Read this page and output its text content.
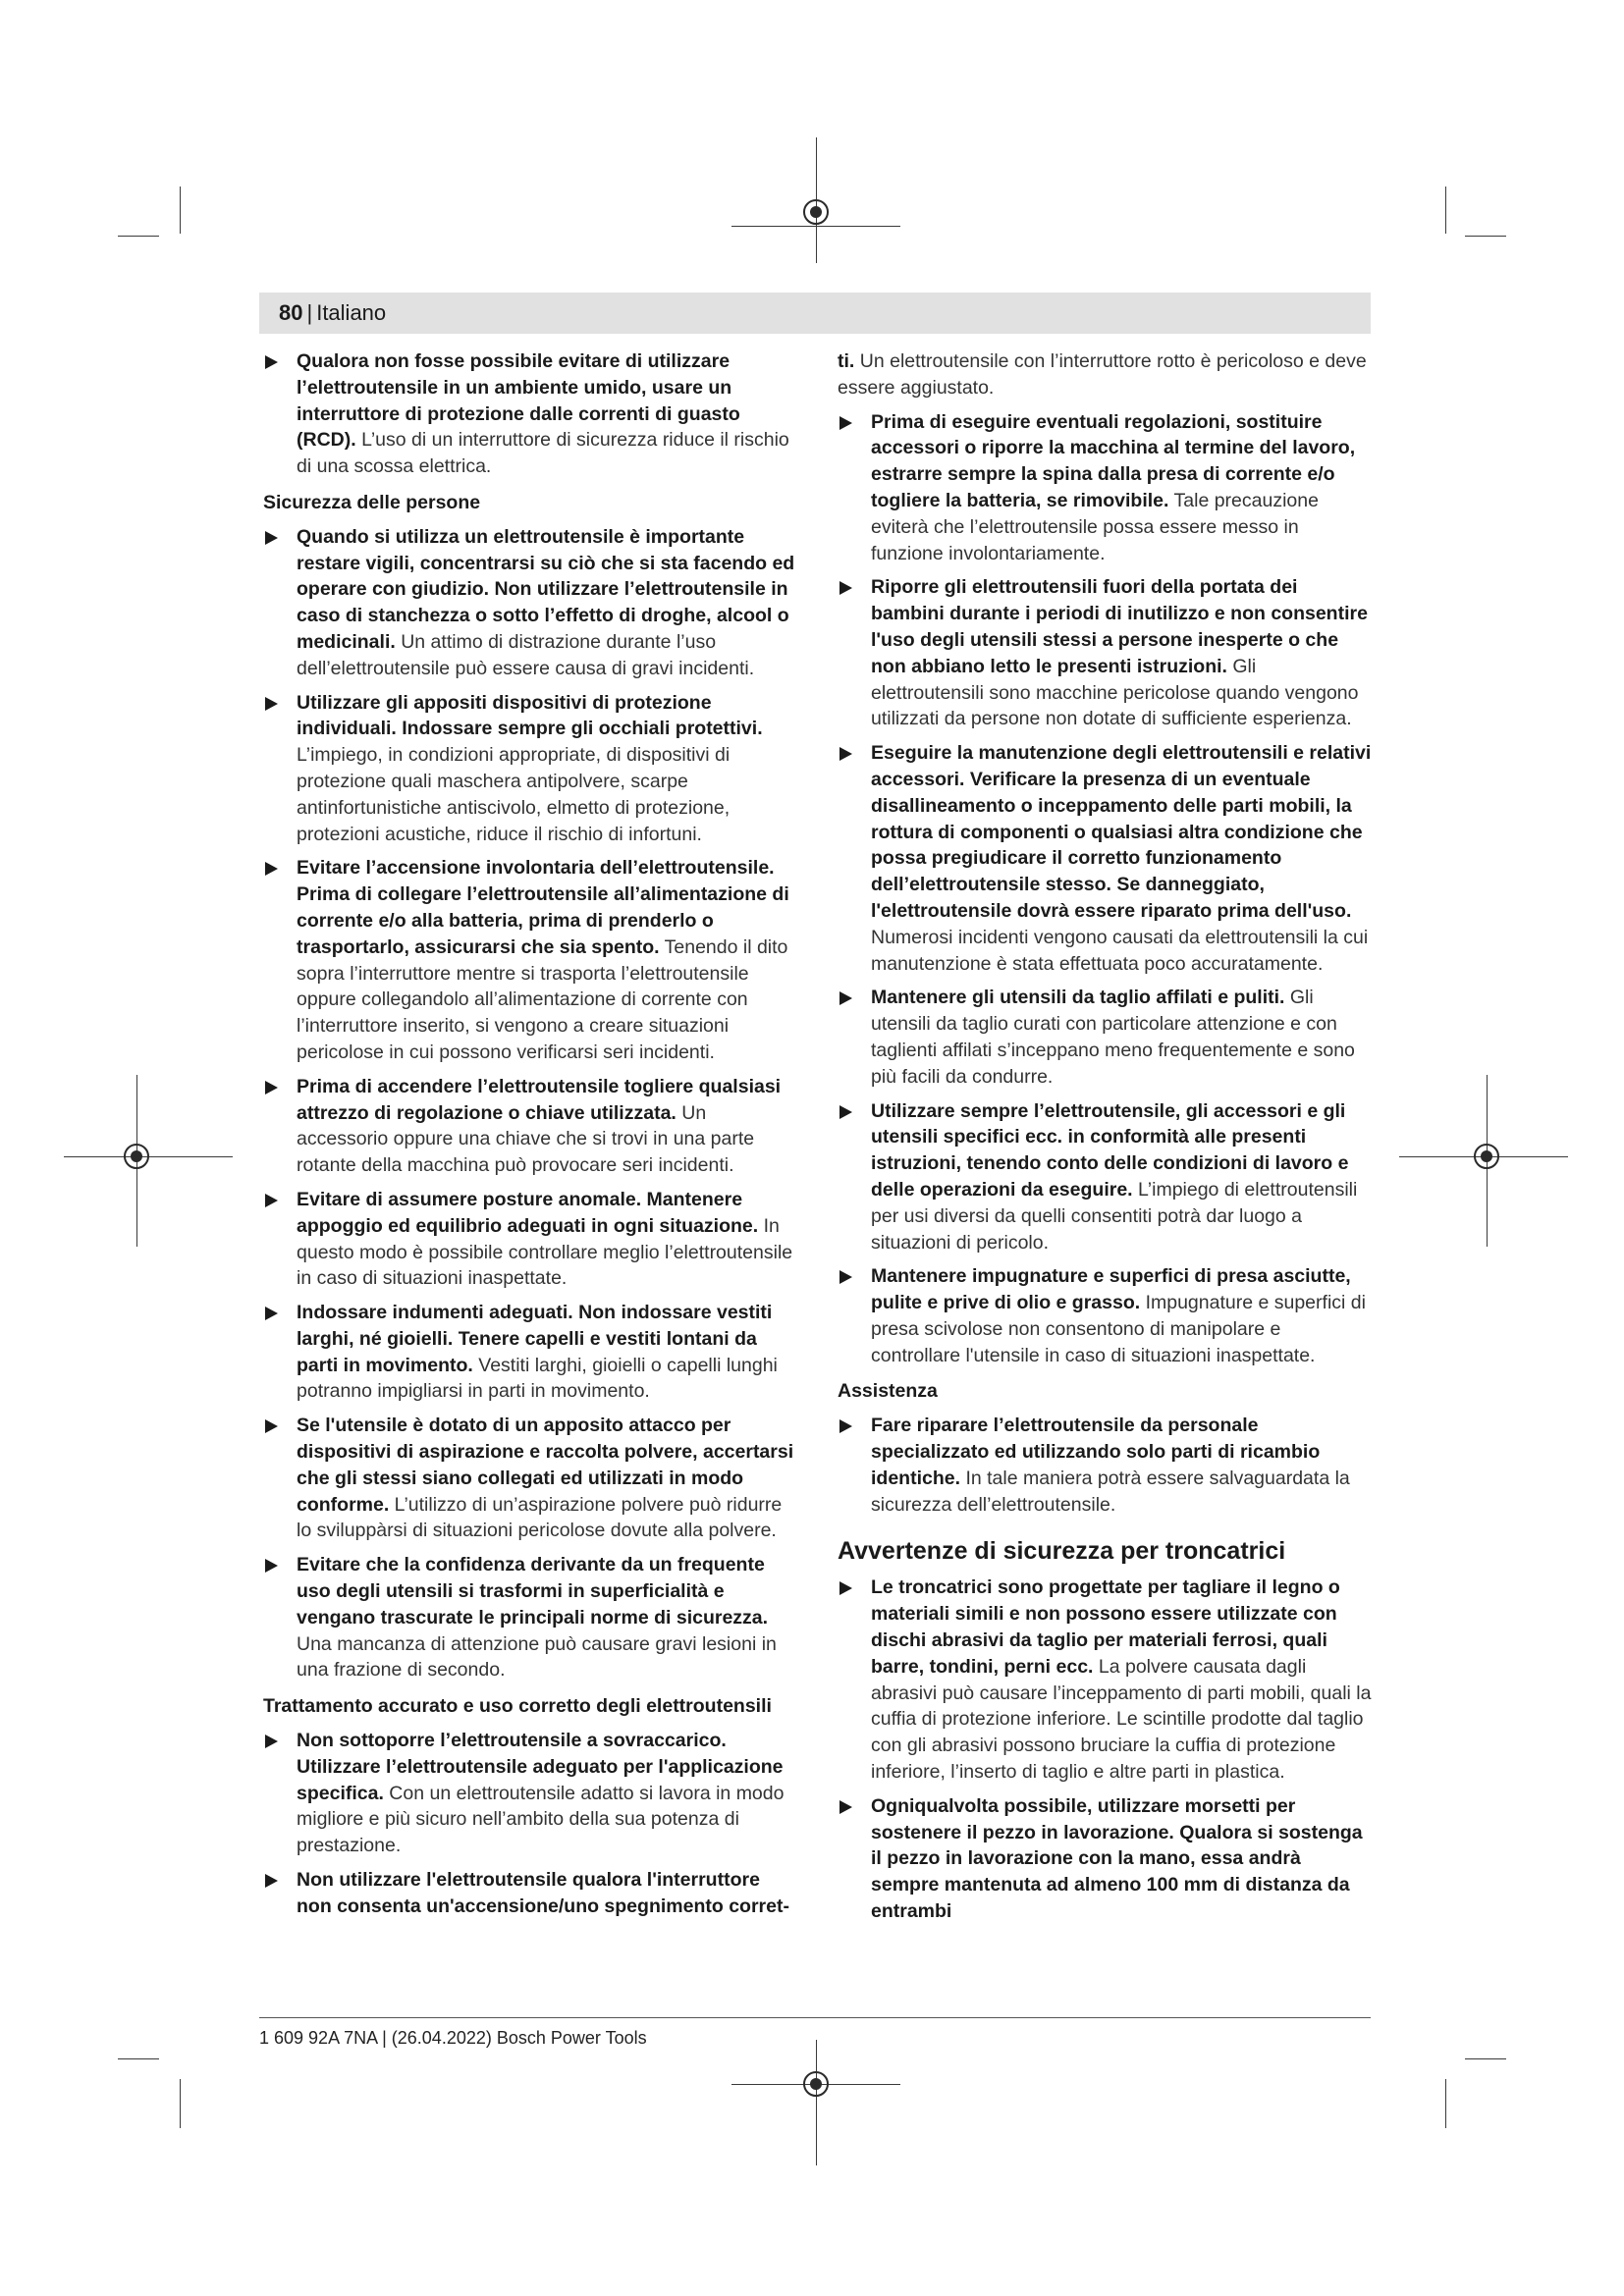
80 | Italiano
Qualora non fosse possibile evitare di utilizzare l’elettroutensile in un ambiente umido, usare un interruttore di protezione dalle correnti di guasto (RCD). L’uso di un interruttore di sicurezza riduce il rischio di una scossa elettrica.
Sicurezza delle persone
Quando si utilizza un elettroutensile è importante restare vigili, concentrarsi su ciò che si sta facendo ed operare con giudizio. Non utilizzare l’elettroutensile in caso di stanchezza o sotto l’effetto di droghe, alcool o medicinali. Un attimo di distrazione durante l’uso dell’elettroutensile può essere causa di gravi incidenti.
Utilizzare gli appositi dispositivi di protezione individuali. Indossare sempre gli occhiali protettivi. L’impiego, in condizioni appropriate, di dispositivi di protezione quali maschera antipolvere, scarpe antinfortunistiche antiscivolo, elmetto di protezione, protezioni acustiche, riduce il rischio di infortuni.
Evitare l’accensione involontaria dell’elettroutensile. Prima di collegare l’elettroutensile all’alimentazione di corrente e/o alla batteria, prima di prenderlo o trasportarlo, assicurarsi che sia spento. Tenendo il dito sopra l’interruttore mentre si trasporta l’elettroutensile oppure collegandolo all’alimentazione di corrente con l’interruttore inserito, si vengono a creare situazioni pericolose in cui possono verificarsi seri incidenti.
Prima di accendere l’elettroutensile togliere qualsiasi attrezzo di regolazione o chiave utilizzata. Un accessorio oppure una chiave che si trovi in una parte rotante della macchina può provocare seri incidenti.
Evitare di assumere posture anomale. Mantenere appoggio ed equilibrio adeguati in ogni situazione. In questo modo è possibile controllare meglio l’elettroutensile in caso di situazioni inaspettate.
Indossare indumenti adeguati. Non indossare vestiti larghi, né gioielli. Tenere capelli e vestiti lontani da parti in movimento. Vestiti larghi, gioielli o capelli lunghi potranno impigliarsi in parti in movimento.
Se l'utensile è dotato di un apposito attacco per dispositivi di aspirazione e raccolta polvere, accertarsi che gli stessi siano collegati ed utilizzati in modo conforme. L’utilizzo di un’aspirazione polvere può ridurre lo sviluppàrsi di situazioni pericolose dovute alla polvere.
Evitare che la confidenza derivante da un frequente uso degli utensili si trasformi in superficialità e vengano trascurate le principali norme di sicurezza. Una mancanza di attenzione può causare gravi lesioni in una frazione di secondo.
Trattamento accurato e uso corretto degli elettroutensili
Non sottoporre l’elettroutensile a sovraccarico. Utilizzare l’elettroutensile adeguato per l'applicazione specifica. Con un elettroutensile adatto si lavora in modo migliore e più sicuro nell’ambito della sua potenza di prestazione.
Non utilizzare l'elettroutensile qualora l'interruttore non consenta un'accensione/uno spegnimento corret-
ti. Un elettroutensile con l’interruttore rotto è pericoloso e deve essere aggiustato.
Prima di eseguire eventuali regolazioni, sostituire accessori o riporre la macchina al termine del lavoro, estrarre sempre la spina dalla presa di corrente e/o togliere la batteria, se rimovibile. Tale precauzione eviterà che l’elettroutensile possa essere messo in funzione involontariamente.
Riporre gli elettroutensili fuori della portata dei bambini durante i periodi di inutilizzo e non consentire l'uso degli utensili stessi a persone inesperte o che non abbiano letto le presenti istruzioni. Gli elettroutensili sono macchine pericolose quando vengono utilizzati da persone non dotate di sufficiente esperienza.
Eseguire la manutenzione degli elettroutensili e relativi accessori. Verificare la presenza di un eventuale disallineamento o inceppamento delle parti mobili, la rottura di componenti o qualsiasi altra condizione che possa pregiudicare il corretto funzionamento dell’elettroutensile stesso. Se danneggiato, l'elettroutensile dovrà essere riparato prima dell'uso. Numerosi incidenti vengono causati da elettroutensili la cui manutenzione è stata effettuata poco accuratamente.
Mantenere gli utensili da taglio affilati e puliti. Gli utensili da taglio curati con particolare attenzione e con taglienti affilati s’inceppano meno frequentemente e sono più facili da condurre.
Utilizzare sempre l’elettroutensile, gli accessori e gli utensili specifici ecc. in conformità alle presenti istruzioni, tenendo conto delle condizioni di lavoro e delle operazioni da eseguire. L’impiego di elettroutensili per usi diversi da quelli consentiti potrà dar luogo a situazioni di pericolo.
Mantenere impugnature e superfici di presa asciutte, pulite e prive di olio e grasso. Impugnature e superfici di presa scivolose non consentono di manipolare e controllare l'utensile in caso di situazioni inaspettate.
Assistenza
Fare riparare l’elettroutensile da personale specializzato ed utilizzando solo parti di ricambio identiche. In tale maniera potrà essere salvaguardata la sicurezza dell’elettroutensile.
Avvertenze di sicurezza per troncatrici
Le troncatrici sono progettate per tagliare il legno o materiali simili e non possono essere utilizzate con dischi abrasivi da taglio per materiali ferrosi, quali barre, tondini, perni ecc. La polvere causata dagli abrasivi può causare l’inceppamento di parti mobili, quali la cuffia di protezione inferiore. Le scintille prodotte dal taglio con gli abrasivi possono bruciare la cuffia di protezione inferiore, l’inserto di taglio e altre parti in plastica.
Ogniqualvolta possibile, utilizzare morsetti per sostenere il pezzo in lavorazione. Qualora si sostenga il pezzo in lavorazione con la mano, essa andrà sempre mantenuta ad almeno 100 mm di distanza da entrambi
1 609 92A 7NA | (26.04.2022) Bosch Power Tools
